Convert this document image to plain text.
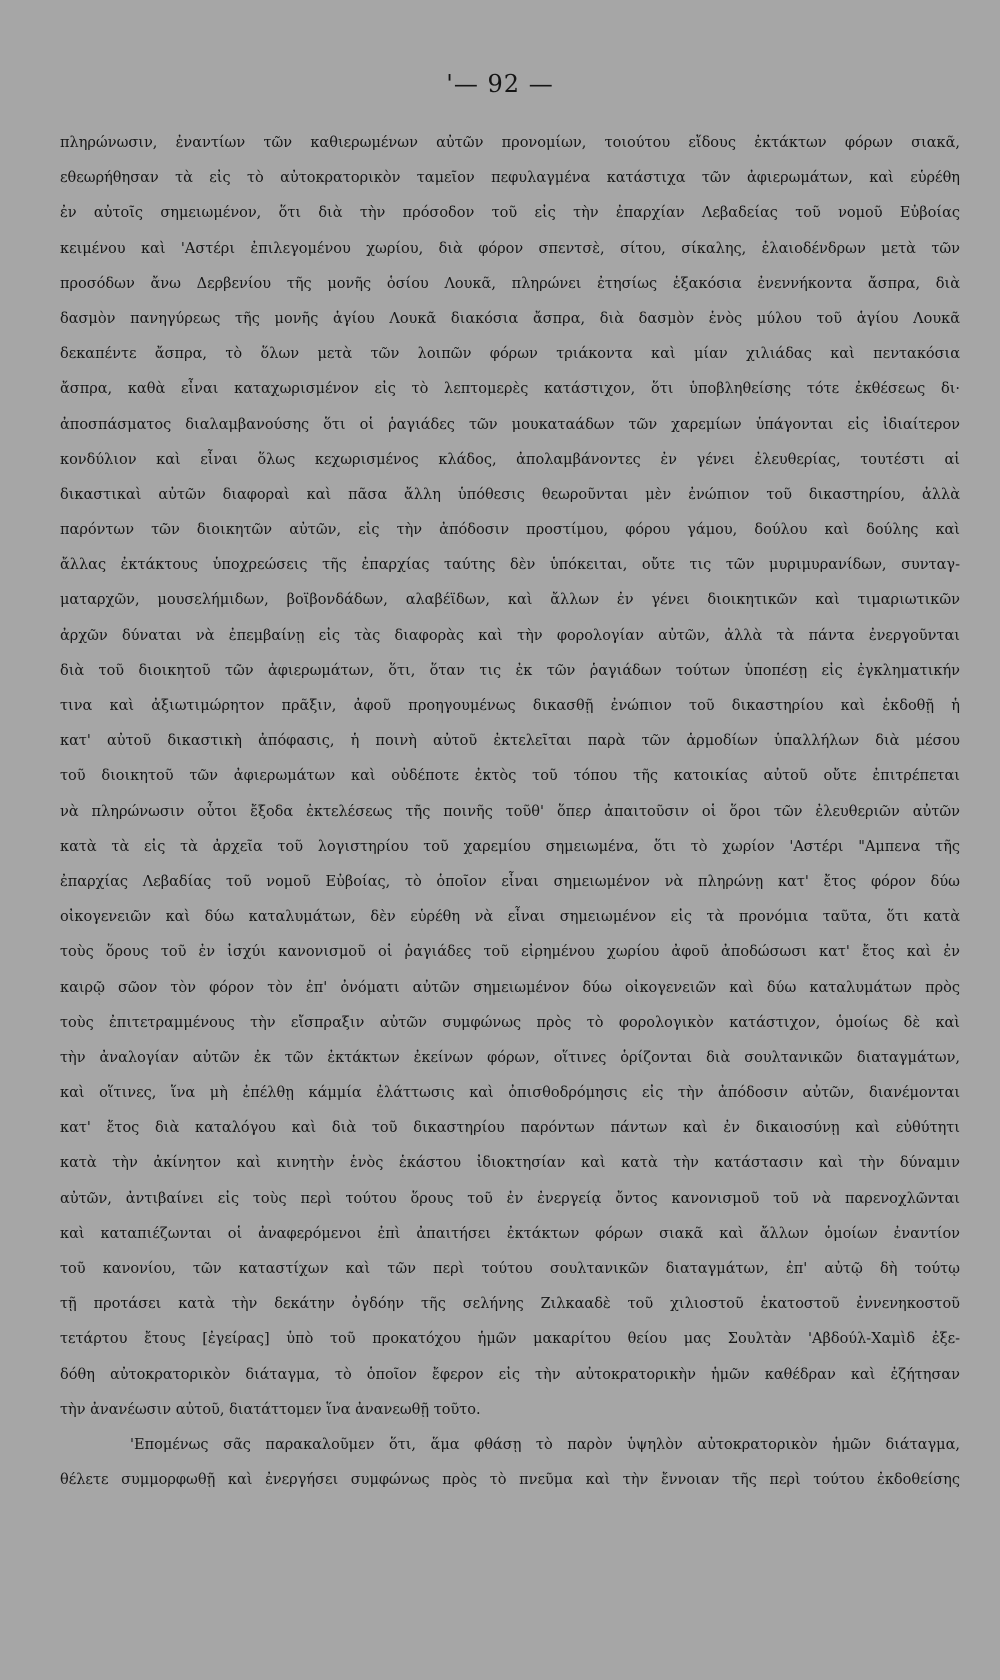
'— 92 —
πληρώνωσιν, ἐναντίων τῶν καθιερωμένων αὐτῶν προνομίων, τοιούτου εἴδους ἐκτάκτων φόρων σιακᾶ,
εθεωρήθησαν τὰ εἰς τὸ αὐτοκρατορικὸν ταμεῖον πεφυλαγμένα κατάστιχα τῶν ἀφιερωμάτων, καὶ εὑρέθη
ἐν αὐτοῖς σημειωμένον, ὅτι διὰ τὴν πρόσοδον τοῦ εἰς τὴν ἐπαρχίαν Λεβαδείας τοῦ νομοῦ Εὐβοίας
κειμένου καὶ 'Αστέρι ἐπιλεγομένου χωρίου, διὰ φόρον σπεντσὲ, σίτου, σίκαλης, ἐλαιοδένδρων μετὰ τῶν
προσόδων ἄνω Δερβενίου τῆς μονῆς ὁσίου Λουκᾶ, πληρώνει ἐτησίως ἑξακόσια ἐνεννήκοντα ἄσπρα, διὰ
δασμὸν πανηγύρεως τῆς μονῆς ἁγίου Λουκᾶ διακόσια ἄσπρα, διὰ δασμὸν ἑνὸς μύλου τοῦ ἁγίου Λουκᾶ
δεκαπέντε ἄσπρα, τὸ ὅλων μετὰ τῶν λοιπῶν φόρων τριάκοντα καὶ μίαν χιλιάδας καὶ πεντακόσια
ἄσπρα, καθὰ εἶναι καταχωρισμένον εἰς τὸ λεπτομερὲς κατάστιχον, ὅτι ὑποβληθείσης τότε ἐκθέσεως δι·
ἀποσπάσματος διαλαμβανούσης ὅτι οἱ ῥαγιάδες τῶν μουκαταάδων τῶν χαρεμίων ὑπάγονται εἰς ἰδιαίτερον
κονδύλιον καὶ εἶναι ὅλως κεχωρισμένος κλάδος, ἀπολαμβάνοντες ἐν γένει ἐλευθερίας, τουτέστι αἱ
δικαστικαὶ αὐτῶν διαφοραὶ καὶ πᾶσα ἄλλη ὑπόθεσις θεωροῦνται μὲν ἐνώπιον τοῦ δικαστηρίου, ἀλλὰ
παρόντων τῶν διοικητῶν αὐτῶν, εἰς τὴν ἀπόδοσιν προστίμου, φόρου γάμου, δούλου καὶ δούλης καὶ
ἄλλας ἐκτάκτους ὑποχρεώσεις τῆς ἐπαρχίας ταύτης δὲν ὑπόκειται, οὔτε τις τῶν μυριμυρανίδων, συνταγ-
ματαρχῶν, μουσελήμιδων, βοϊβονδάδων, αλαβέϊδων, καὶ ἄλλων ἐν γένει διοικητικῶν καὶ τιμαριωτικῶν
ἀρχῶν δύναται νὰ ἐπεμβαίνῃ εἰς τὰς διαφορὰς καὶ τὴν φορολογίαν αὐτῶν, ἀλλὰ τὰ πάντα ἐνεργοῦνται
διὰ τοῦ διοικητοῦ τῶν ἀφιερωμάτων, ὅτι, ὅταν τις ἐκ τῶν ῥαγιάδων τούτων ὑποπέσῃ εἰς ἐγκληματικήν
τινα καὶ ἀξιωτιμώρητον πρᾶξιν, ἀφοῦ προηγουμένως δικασθῇ ἐνώπιον τοῦ δικαστηρίου καὶ ἐκδοθῇ ἡ
κατ' αὐτοῦ δικαστικὴ ἀπόφασις, ἡ ποινὴ αὐτοῦ ἐκτελεῖται παρὰ τῶν ἁρμοδίων ὑπαλλήλων διὰ μέσου
τοῦ διοικητοῦ τῶν ἀφιερωμάτων καὶ οὐδέποτε ἐκτὸς τοῦ τόπου τῆς κατοικίας αὐτοῦ οὔτε ἐπιτρέπεται
νὰ πληρώνωσιν οὗτοι ἔξοδα ἐκτελέσεως τῆς ποινῆς τοῦθ' ὅπερ ἀπαιτοῦσιν οἱ ὅροι τῶν ἐλευθεριῶν αὐτῶν
κατὰ τὰ εἰς τὰ ἀρχεῖα τοῦ λογιστηρίου τοῦ χαρεμίου σημειωμένα, ὅτι τὸ χωρίον 'Αστέρι "Αμπενα τῆς
ἐπαρχίας Λεβαδίας τοῦ νομοῦ Εὐβοίας, τὸ ὁποῖον εἶναι σημειωμένον νὰ πληρώνῃ κατ' ἔτος φόρον δύω
οἰκογενειῶν καὶ δύω καταλυμάτων, δὲν εὑρέθη νὰ εἶναι σημειωμένον εἰς τὰ προνόμια ταῦτα, ὅτι κατὰ
τοὺς ὅρους τοῦ ἐν ἰσχύι κανονισμοῦ οἱ ῥαγιάδες τοῦ εἰρημένου χωρίου ἀφοῦ ἀποδώσωσι κατ' ἔτος καὶ ἐν
καιρῷ σῶον τὸν φόρον τὸν ἐπ' ὀνόματι αὐτῶν σημειωμένον δύω οἰκογενειῶν καὶ δύω καταλυμάτων πρὸς
τοὺς ἐπιτετραμμένους τὴν εἴσπραξιν αὐτῶν συμφώνως πρὸς τὸ φορολογικὸν κατάστιχον, ὁμοίως δὲ καὶ
τὴν ἀναλογίαν αὐτῶν ἐκ τῶν ἐκτάκτων ἐκείνων φόρων, οἵτινες ὁρίζονται διὰ σουλτανικῶν διαταγμάτων,
καὶ οἵτινες, ἵνα μὴ ἐπέλθῃ κάμμία ἐλάττωσις καὶ ὀπισθοδρόμησις εἰς τὴν ἀπόδοσιν αὐτῶν, διανέμονται
κατ' ἔτος διὰ καταλόγου καὶ διὰ τοῦ δικαστηρίου παρόντων πάντων καὶ ἐν δικαιοσύνῃ καὶ εὐθύτητι
κατὰ τὴν ἀκίνητον καὶ κινητὴν ἑνὸς ἑκάστου ἰδιοκτησίαν καὶ κατὰ τὴν κατάστασιν καὶ τὴν δύναμιν
αὐτῶν, ἀντιβαίνει εἰς τοὺς περὶ τούτου ὅρους τοῦ ἐν ἐνεργείᾳ ὄντος κανονισμοῦ τοῦ νὰ παρενοχλῶνται
καὶ καταπιέζωνται οἱ ἀναφερόμενοι ἐπὶ ἀπαιτήσει ἐκτάκτων φόρων σιακᾶ καὶ ἄλλων ὁμοίων ἐναντίον
τοῦ κανονίου, τῶν καταστίχων καὶ τῶν περὶ τούτου σουλτανικῶν διαταγμάτων, ἐπ' αὐτῷ δὴ τούτῳ
τῇ προτάσει κατὰ τὴν δεκάτην ὀγδόην τῆς σελήνης Ζιλκααδὲ τοῦ χιλιοστοῦ ἑκατοστοῦ ἐννενηκοστοῦ
τετάρτου ἔτους [ἐγείρας] ὑπὸ τοῦ προκατόχου ἡμῶν μακαρίτου θείου μας Σουλτὰν 'Αβδούλ-Χαμὶδ ἐξε-
δόθη αὐτοκρατορικὸν διάταγμα, τὸ ὁποῖον ἔφερον εἰς τὴν αὐτοκρατορικὴν ἡμῶν καθέδραν καὶ ἐζήτησαν
τὴν ἀνανέωσιν αὐτοῦ, διατάττομεν ἵνα ἀνανεωθῇ τοῦτο.
'Επομένως σᾶς παρακαλοῦμεν ὅτι, ἅμα φθάσῃ τὸ παρὸν ὑψηλὸν αὐτοκρατορικὸν ἡμῶν διάταγμα,
θέλετε συμμορφωθῇ καὶ ἐνεργήσει συμφώνως πρὸς τὸ πνεῦμα καὶ τὴν ἔννοιαν τῆς περὶ τούτου ἐκδοθείσης
